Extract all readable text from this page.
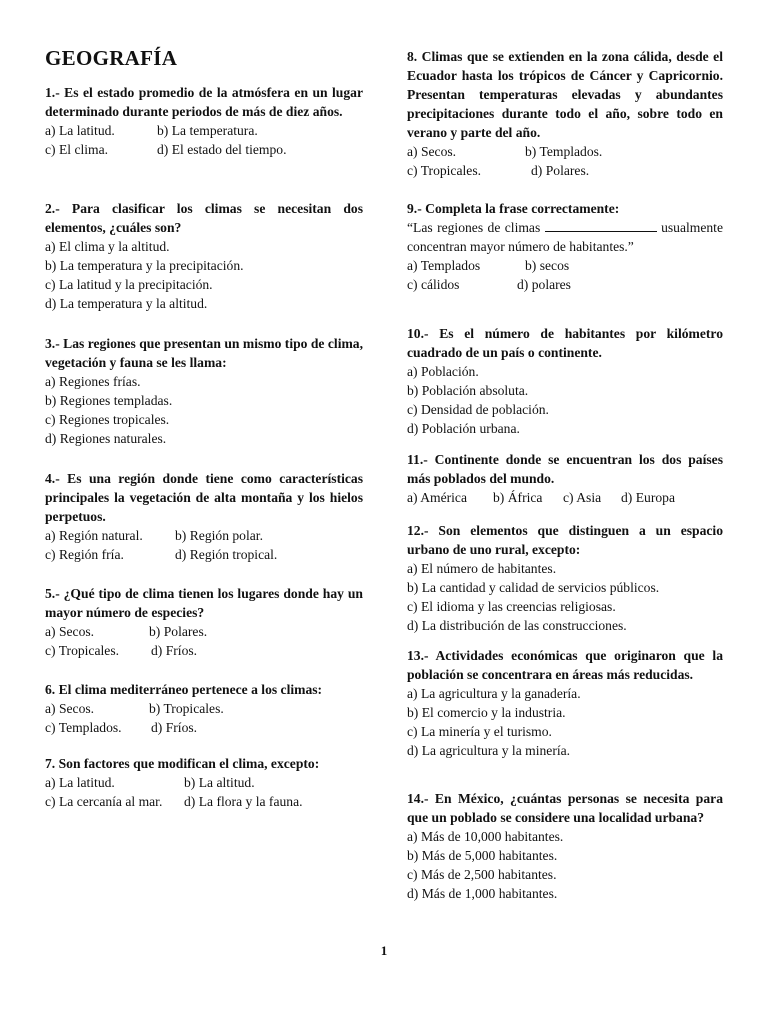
GEOGRAFÍA
1.- Es el estado promedio de la atmósfera en un lugar determinado durante periodos de más de diez años.
a) La latitud.	b) La temperatura.
c) El clima.	d) El estado del tiempo.
2.- Para clasificar los climas se necesitan dos elementos, ¿cuáles son?
a) El clima y la altitud.
b) La temperatura y la precipitación.
c) La latitud y la precipitación.
d) La temperatura y la altitud.
3.- Las regiones que presentan un mismo tipo de clima, vegetación y fauna se les llama:
a) Regiones frías.
b) Regiones templadas.
c) Regiones tropicales.
d) Regiones naturales.
4.- Es una región donde tiene como características principales la vegetación de alta montaña y los hielos perpetuos.
a) Región natural.	b) Región polar.
c) Región fría.	d) Región tropical.
5.- ¿Qué tipo de clima tienen los lugares donde hay un mayor número de especies?
a) Secos.	b) Polares.
c) Tropicales.	d) Fríos.
6. El clima mediterráneo pertenece a los climas:
a) Secos.	b) Tropicales.
c) Templados.	d) Fríos.
7. Son factores que modifican el clima, excepto:
a) La latitud.	b) La altitud.
c) La cercanía al mar.	d) La flora y la fauna.
8. Climas que se extienden en la zona cálida, desde el Ecuador hasta los trópicos de Cáncer y Capricornio. Presentan temperaturas elevadas y abundantes precipitaciones durante todo el año, sobre todo en verano y parte del año.
a) Secos.	b) Templados.
c) Tropicales.	d) Polares.
9.- Completa la frase correctamente:
“Las regiones de climas	usualmente concentran mayor número de habitantes.”
a) Templados	b) secos
c) cálidos	d) polares
10.- Es el número de habitantes por kilómetro cuadrado de un país o continente.
a) Población.
b) Población absoluta.
c) Densidad de población.
d) Población urbana.
11.- Continente donde se encuentran los dos países más poblados del mundo.
a) América	b) África	c) Asia	d) Europa
12.- Son elementos que distinguen a un espacio urbano de uno rural, excepto:
a) El número de habitantes.
b) La cantidad y calidad de servicios públicos.
c) El idioma y las creencias religiosas.
d) La distribución de las construcciones.
13.- Actividades económicas que originaron que la población se concentrara en áreas más reducidas.
a) La agricultura y la ganadería.
b) El comercio y la industria.
c) La minería y el turismo.
d) La agricultura y la minería.
14.- En México, ¿cuántas personas se necesita para que un poblado se considere una localidad urbana?
a) Más de 10,000 habitantes.
b) Más de 5,000 habitantes.
c) Más de 2,500 habitantes.
d) Más de 1,000 habitantes.
1
